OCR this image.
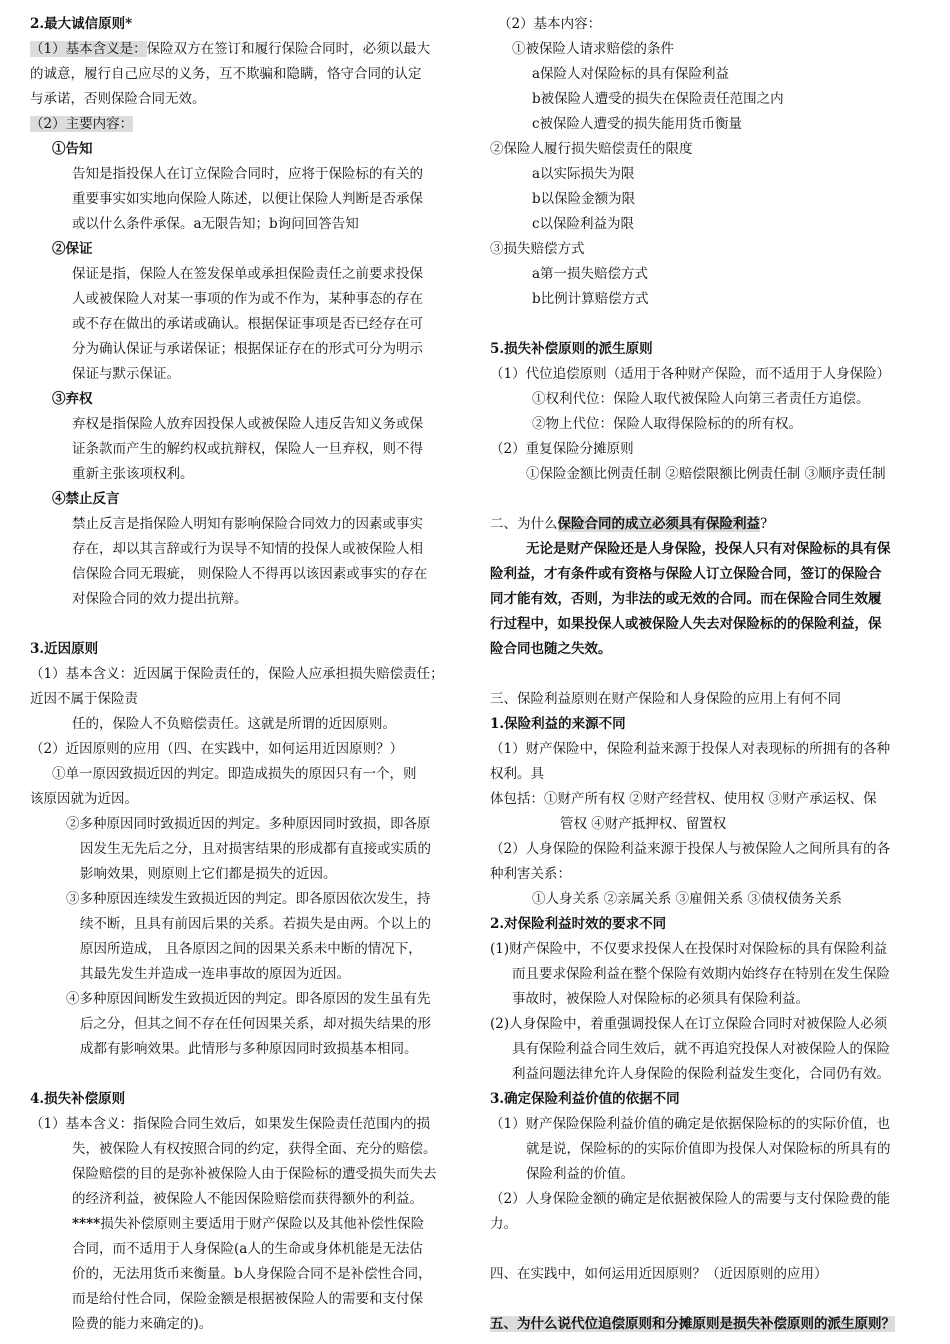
2.最大诚信原则*
（1）基本含义是：保险双方在签订和履行保险合同时，必须以最大
的诚意，履行自己应尽的义务，互不欺骗和隐瞒，恪守合同的认定
与承诺，否则保险合同无效。
（2）主要内容：
①告知
告知是指投保人在订立保险合同时，应将于保险标的有关的
重要事实如实地向保险人陈述，以便让保险人判断是否承保
或以什么条件承保。a无限告知；b询问回答告知
②保证
保证是指，保险人在签发保单或承担保险责任之前要求投保
人或被保险人对某一事项的作为或不作为，某种事态的存在
或不存在做出的承诺或确认。根据保证事项是否已经存在可
分为确认保证与承诺保证；根据保证存在的形式可分为明示
保证与默示保证。
③弃权
弃权是指保险人放弃因投保人或被保险人违反告知义务或保
证条款而产生的解约权或抗辩权，保险人一旦弃权，则不得
重新主张该项权利。
④禁止反言
禁止反言是指保险人明知有影响保险合同效力的因素或事实
存在，却以其言辞或行为误导不知情的投保人或被保险人相
信保险合同无瑕疵， 则保险人不得再以该因素或事实的存在
对保险合同的效力提出抗辩。
3.近因原则
（1）基本含义：近因属于保险责任的，保险人应承担损失赔偿责任；
近因不属于保险责
任的，保险人不负赔偿责任。这就是所谓的近因原则。
（2）近因原则的应用（四、在实践中，如何运用近因原则？）
①单一原因致损近因的判定。即造成损失的原因只有一个，则
该原因就为近因。
②多种原因同时致损近因的判定。多种原因同时致损，即各原
因发生无先后之分，且对损害结果的形成都有直接或实质的
影响效果，则原则上它们都是损失的近因。
③多种原因连续发生致损近因的判定。即各原因依次发生，持
续不断，且具有前因后果的关系。若损失是由两。个以上的
原因所造成， 且各原因之间的因果关系未中断的情况下，
其最先发生并造成一连串事故的原因为近因。
④多种原因间断发生致损近因的判定。即各原因的发生虽有先
后之分，但其之间不存在任何因果关系，却对损失结果的形
成都有影响效果。此情形与多种原因同时致损基本相同。
4.损失补偿原则
（1）基本含义：指保险合同生效后，如果发生保险责任范围内的损
失，被保险人有权按照合同的约定，获得全面、充分的赔偿。
保险赔偿的目的是弥补被保险人由于保险标的遭受损失而失去
的经济利益，被保险人不能因保险赔偿而获得额外的利益。
****损失补偿原则主要适用于财产保险以及其他补偿性保险
合同，而不适用于人身保险(a人的生命或身体机能是无法估
价的，无法用货币来衡量。b人身保险合同不是补偿性合同，
而是给付性合同，保险金额是根据被保险人的需要和支付保
险费的能力来确定的)。
（2）基本内容：
①被保险人请求赔偿的条件
a保险人对保险标的具有保险利益
b被保险人遭受的损失在保险责任范围之内
c被保险人遭受的损失能用货币衡量
②保险人履行损失赔偿责任的限度
a以实际损失为限
b以保险金额为限
c以保险利益为限
③损失赔偿方式
a第一损失赔偿方式
b比例计算赔偿方式
5.损失补偿原则的派生原则
（1）代位追偿原则（适用于各种财产保险，而不适用于人身保险）
①权利代位：保险人取代被保险人向第三者责任方追偿。
②物上代位：保险人取得保险标的的所有权。
（2）重复保险分摊原则
①保险金额比例责任制 ②赔偿限额比例责任制 ③顺序责任制
二、为什么保险合同的成立必须具有保险利益?
无论是财产保险还是人身保险，投保人只有对保险标的具有保
险利益，才有条件或有资格与保险人订立保险合同，签订的保险合
同才能有效，否则，为非法的或无效的合同。而在保险合同生效履
行过程中，如果投保人或被保险人失去对保险标的的保险利益，保
险合同也随之失效。
三、保险利益原则在财产保险和人身保险的应用上有何不同
1.保险利益的来源不同
（1）财产保险中，保险利益来源于投保人对表现标的所拥有的各种
权利。具
体包括：①财产所有权 ②财产经营权、使用权 ③财产承运权、保
管权 ④财产抵押权、留置权
（2）人身保险的保险利益来源于投保人与被保险人之间所具有的各
种利害关系：
①人身关系 ②亲属关系 ③雇佣关系 ③债权债务关系
2.对保险利益时效的要求不同
(1)财产保险中，不仅要求投保人在投保时对保险标的具有保险利益
而且要求保险利益在整个保险有效期内始终存在特别在发生保险
事故时，被保险人对保险标的必须具有保险利益。
(2)人身保险中，着重强调投保人在订立保险合同时对被保险人必须
具有保险利益合同生效后，就不再追究投保人对被保险人的保险
利益问题法律允许人身保险的保险利益发生变化，合同仍有效。
3.确定保险利益价值的依据不同
（1）财产保险保险利益价值的确定是依据保险标的的实际价值，也
就是说，保险标的的实际价值即为投保人对保险标的所具有的
保险利益的价值。
（2）人身保险金额的确定是依据被保险人的需要与支付保险费的能
力。
四、在实践中，如何运用近因原则？（近因原则的应用）
五、为什么说代位追偿原则和分摊原则是损失补偿原则的派生原则？
